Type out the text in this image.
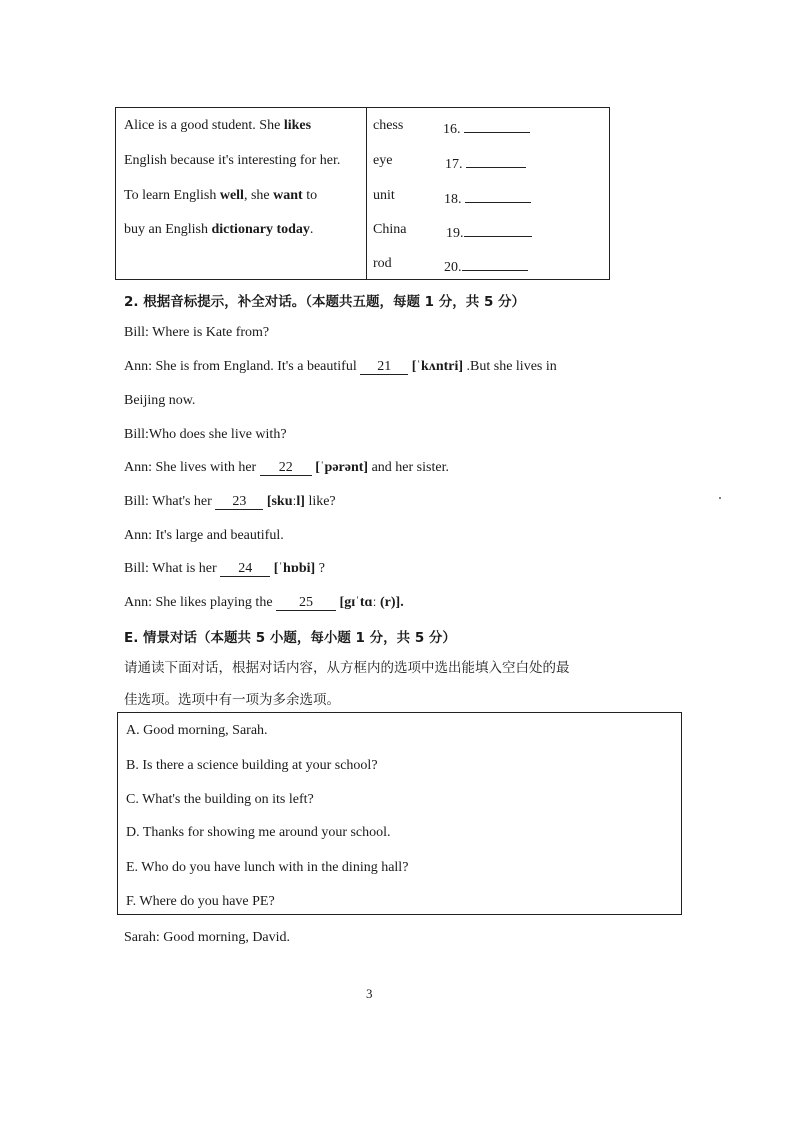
Alice is a good student. She likes
English because it's interesting for her.
To learn English well, she want to
buy an English dictionary today.
chess	16.
eye	17.
unit	18.
China	19.
rod	20.
2. 根据音标提示，补全对话。（本题共五题，每题 1 分，共 5 分）
Bill: Where is Kate from?
Ann: She is from England. It's a beautiful 21 [ˈkʌntri] .But she lives in
Beijing now.
Bill:Who does she live with?
Ann: She lives with her 22 [ˈpərənt] and her sister.
Bill: What's her 23 [skuːl] like?
Ann: It's large and beautiful.
Bill: What is her 24 [ˈhɒbi] ?
Ann: She likes playing the 25 [gɪˈtɑː (r)].
E. 情景对话（本题共 5 小题，每小题 1 分，共 5 分）
请通读下面对话，根据对话内容，从方框内的选项中选出能填入空白处的最
佳选项。选项中有一项为多余选项。
A. Good morning, Sarah.
B. Is there a science building at your school?
C. What's the building on its left?
D. Thanks for showing me around your school.
E. Who do you have lunch with in the dining hall?
F. Where do you have PE?
Sarah: Good morning, David.
3
